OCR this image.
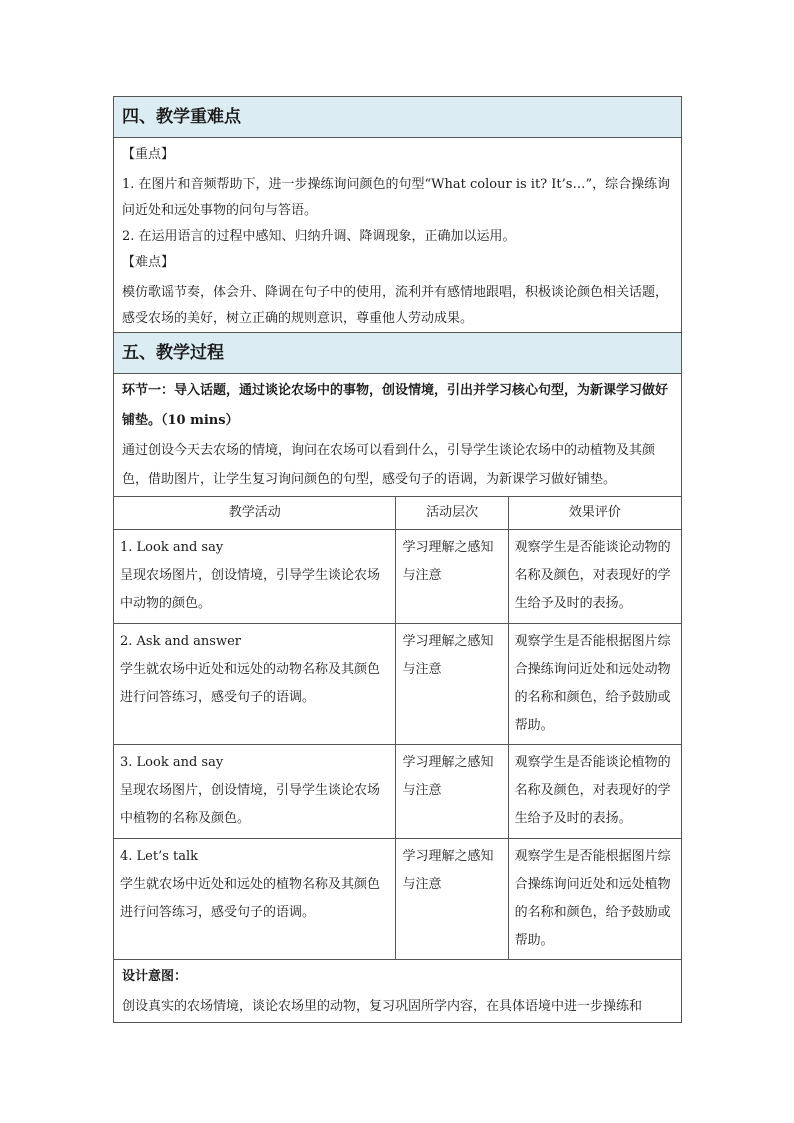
四、教学重难点
【重点】
1. 在图片和音频帮助下，进一步操练询问颜色的句型“What colour is it? It’s…”，综合操练询问近处和远处事物的问句与答语。
2. 在运用语言的过程中感知、归纳升调、降调现象，正确加以运用。
【难点】
模仿歌谣节奏，体会升、降调在句子中的使用，流利并有感情地跟唱，积极谈论颜色相关话题，感受农场的美好，树立正确的规则意识，尊重他人劳动成果。
五、教学过程
环节一：导入话题，通过谈论农场中的事物，创设情境，引出并学习核心句型，为新课学习做好铺垫。（10 mins）
通过创设今天去农场的情境，询问在农场可以看到什么，引导学生谈论农场中的动植物及其颜色，借助图片，让学生复习询问颜色的句型，感受句子的语调，为新课学习做好铺垫。
教学活动	活动层次	效果评价

1. Look and say
呈现农场图片，创设情境，引导学生谈论农场中动物的颜色。	学习理解之感知与注意	观察学生是否能谈论动物的名称及颜色，对表现好的学生给予及时的表扬。

2. Ask and answer
学生就农场中近处和远处的动物名称及其颜色进行问答练习，感受句子的语调。	学习理解之感知与注意	观察学生是否能根据图片综合操练询问近处和远处动物的名称和颜色，给予鼓励或帮助。

3. Look and say
呈现农场图片，创设情境，引导学生谈论农场中植物的名称及颜色。	学习理解之感知与注意	观察学生是否能谈论植物的名称及颜色，对表现好的学生给予及时的表扬。

4. Let’s talk
学生就农场中近处和远处的植物名称及其颜色进行问答练习，感受句子的语调。	学习理解之感知与注意	观察学生是否能根据图片综合操练询问近处和远处植物的名称和颜色，给予鼓励或帮助。

设计意图：
创设真实的农场情境，谈论农场里的动物，复习巩固所学内容，在具体语境中进一步操练和		
